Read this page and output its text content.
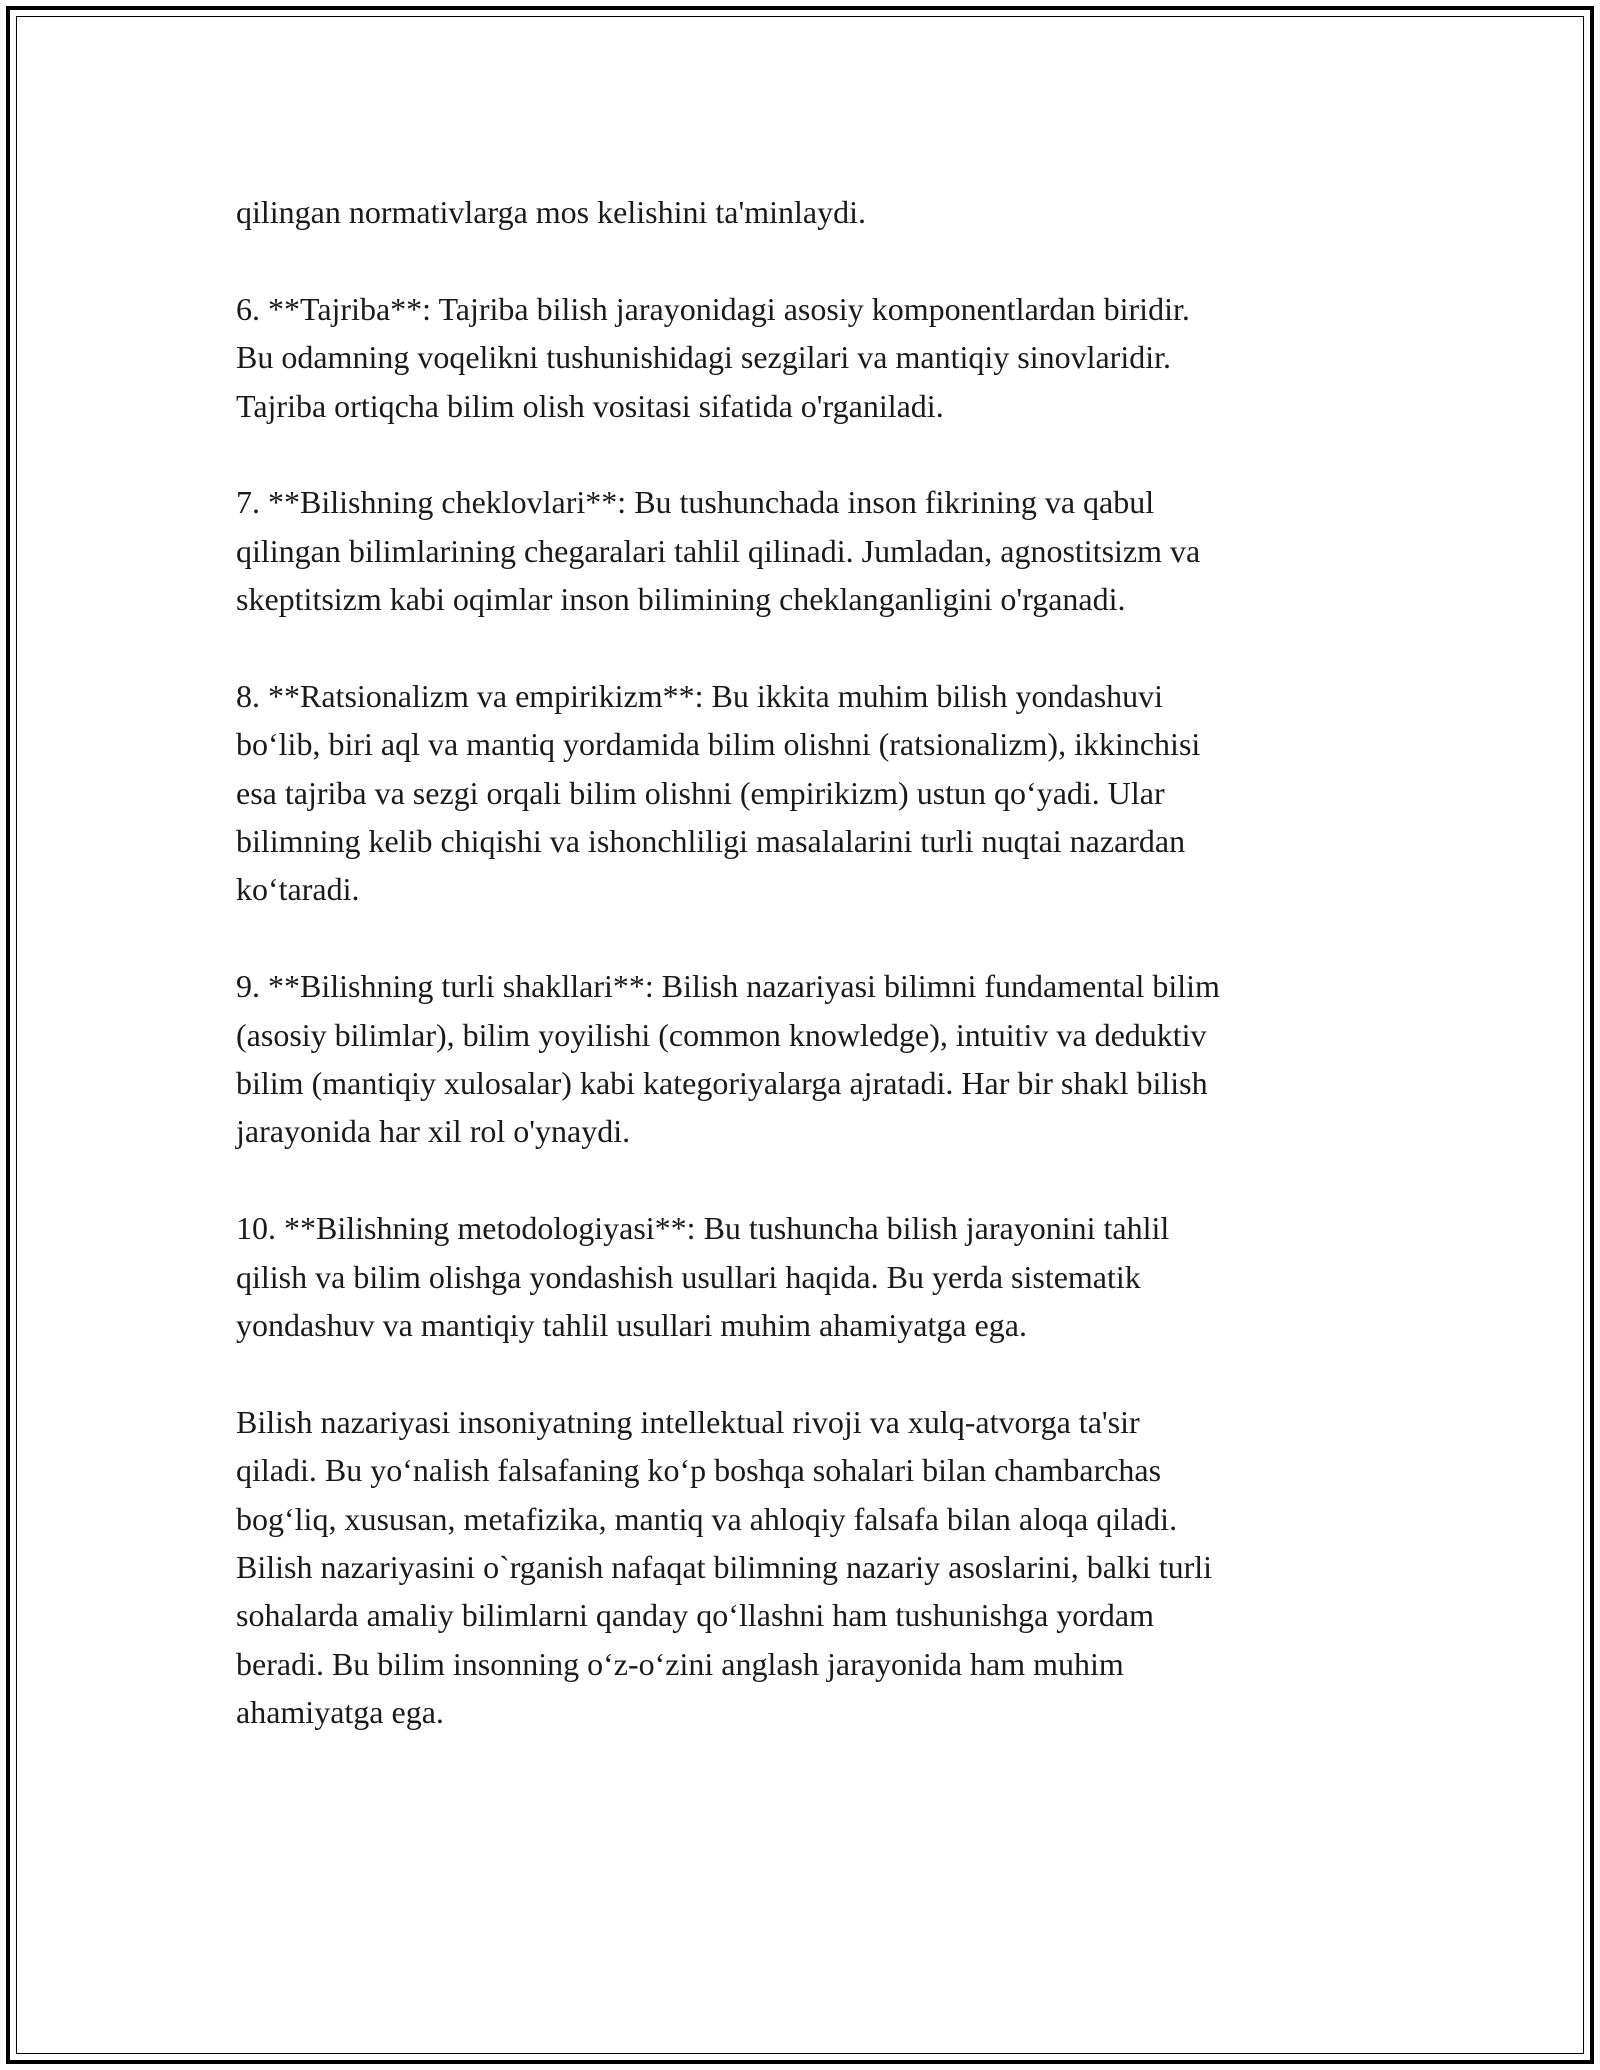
qilingan normativlarga mos kelishini ta'minlaydi.
6. **Tajriba**: Tajriba bilish jarayonidagi asosiy komponentlardan biridir.
Bu odamning voqelikni tushunishidagi sezgilari va mantiqiy sinovlaridir.
Tajriba ortiqcha bilim olish vositasi sifatida o'rganiladi.
7. **Bilishning cheklovlari**: Bu tushunchada inson fikrining va qabul
qilingan bilimlarining chegaralari tahlil qilinadi. Jumladan, agnostitsizm va
skeptitsizm kabi oqimlar inson bilimining cheklanganligini o'rganadi.
8. **Ratsionalizm va empirikizm**: Bu ikkita muhim bilish yondashuvi
bo‘lib, biri aql va mantiq yordamida bilim olishni (ratsionalizm), ikkinchisi
esa tajriba va sezgi orqali bilim olishni (empirikizm) ustun qo‘yadi. Ular
bilimning kelib chiqishi va ishonchliligi masalalarini turli nuqtai nazardan
ko‘taradi.
9. **Bilishning turli shakllari**: Bilish nazariyasi bilimni fundamental bilim
(asosiy bilimlar), bilim yoyilishi (common knowledge), intuitiv va deduktiv
bilim (mantiqiy xulosalar) kabi kategoriyalarga ajratadi. Har bir shakl bilish
jarayonida har xil rol o'ynaydi.
10. **Bilishning metodologiyasi**: Bu tushuncha bilish jarayonini tahlil
qilish va bilim olishga yondashish usullari haqida. Bu yerda sistematik
yondashuv va mantiqiy tahlil usullari muhim ahamiyatga ega.
Bilish nazariyasi insoniyatning intellektual rivoji va xulq-atvorga ta'sir
qiladi. Bu yo‘nalish falsafaning ko‘p boshqa sohalari bilan chambarchas
bog‘liq, xususan, metafizika, mantiq va ahloqiy falsafa bilan aloqa qiladi.
Bilish nazariyasini o`rganish nafaqat bilimning nazariy asoslarini, balki turli
sohalarda amaliy bilimlarni qanday qo‘llashni ham tushunishga yordam
beradi. Bu bilim insonning o‘z-o‘zini anglash jarayonida ham muhim
ahamiyatga ega.
